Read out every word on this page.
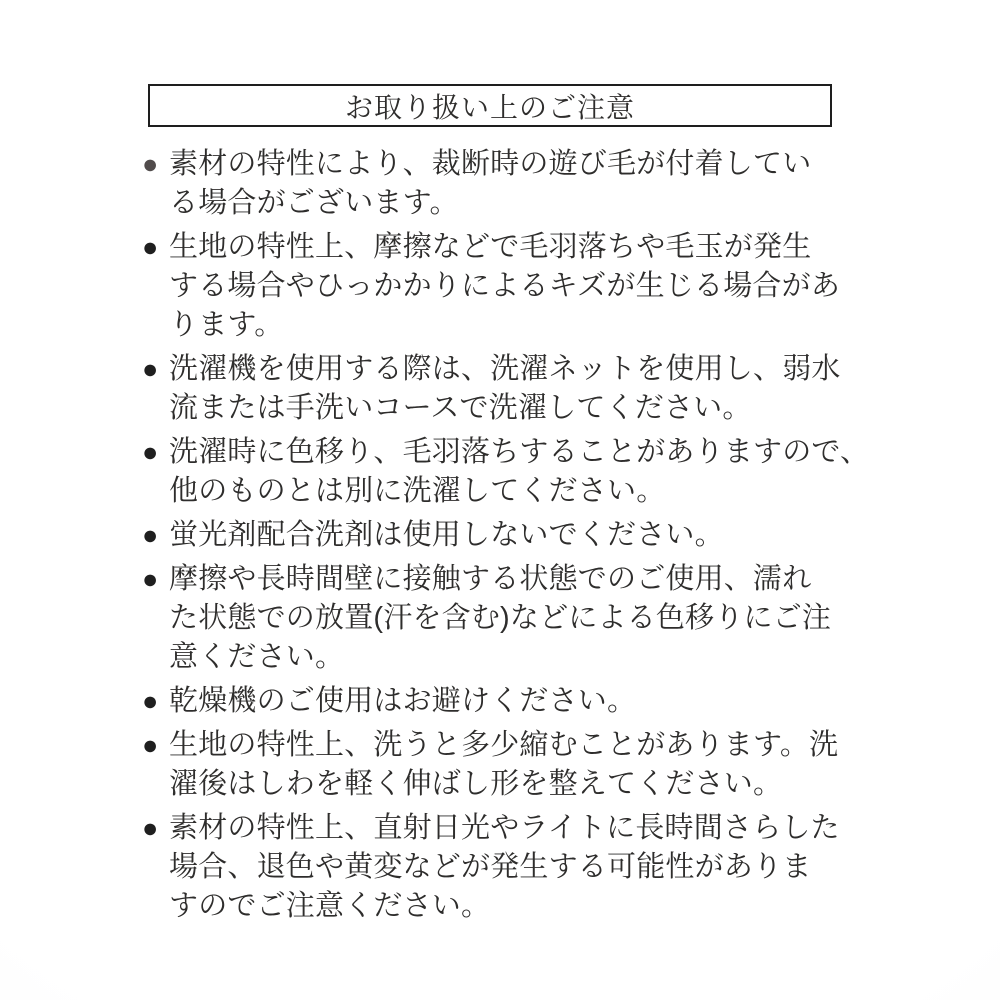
お取り扱い上のご注意
● 素材の特性により、裁断時の遊び毛が付着してい
る場合がございます。
● 生地の特性上、摩擦などで毛羽落ちや毛玉が発生
する場合やひっかかりによるキズが生じる場合があ
ります。
● 洗濯機を使用する際は、洗濯ネットを使用し、弱水
流または手洗いコースで洗濯してください。
● 洗濯時に色移り、毛羽落ちすることがありますので、
他のものとは別に洗濯してください。
● 蛍光剤配合洗剤は使用しないでください。
● 摩擦や長時間壁に接触する状態でのご使用、濡れ
た状態での放置(汗を含む)などによる色移りにご注
意ください。
● 乾燥機のご使用はお避けください。
● 生地の特性上、洗うと多少縮むことがあります。洗
濯後はしわを軽く伸ばし形を整えてください。
● 素材の特性上、直射日光やライトに長時間さらした
場合、退色や黄変などが発生する可能性がありま
すのでご注意ください。
